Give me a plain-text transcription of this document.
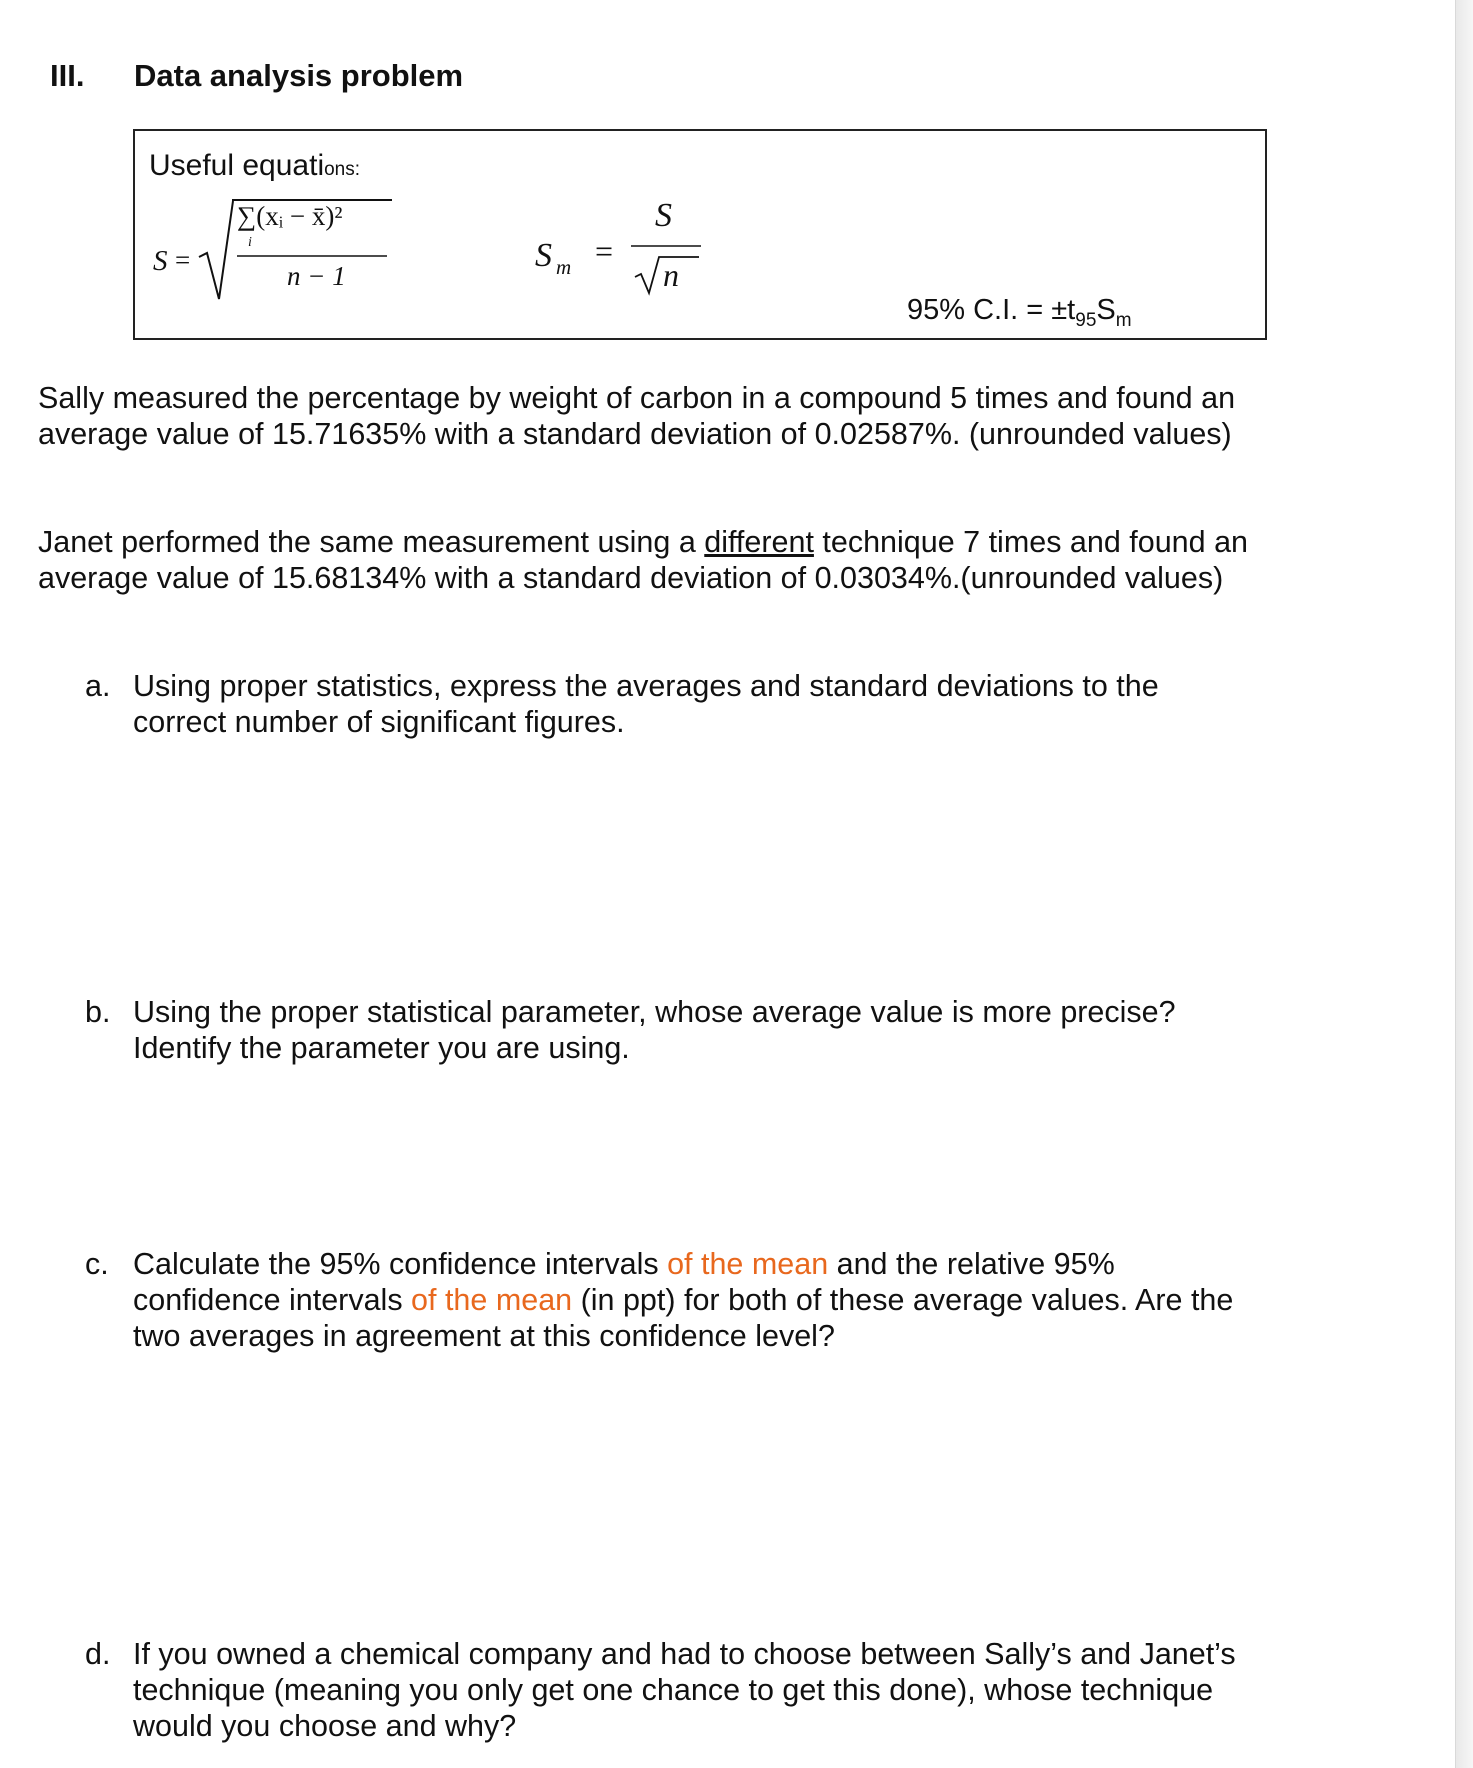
III. Data analysis problem
Useful equations:
S =
∑(xᵢ − x̄)²
i
n − 1
S m =
S
n
95% C.I. = $\pm t_{95}S_m$
Sally measured the percentage by weight of carbon in a compound 5 times and found an average value of 15.71635% with a standard deviation of 0.02587%. (unrounded values)
Janet performed the same measurement using a different technique 7 times and found an average value of 15.68134% with a standard deviation of 0.03034%.(unrounded values)
a. Using proper statistics, express the averages and standard deviations to the correct number of significant figures.
b. Using the proper statistical parameter, whose average value is more precise? Identify the parameter you are using.
c. Calculate the 95% confidence intervals of the mean and the relative 95% confidence intervals of the mean (in ppt) for both of these average values. Are the two averages in agreement at this confidence level?
d. If you owned a chemical company and had to choose between Sally’s and Janet’s technique (meaning you only get one chance to get this done), whose technique would you choose and why?
